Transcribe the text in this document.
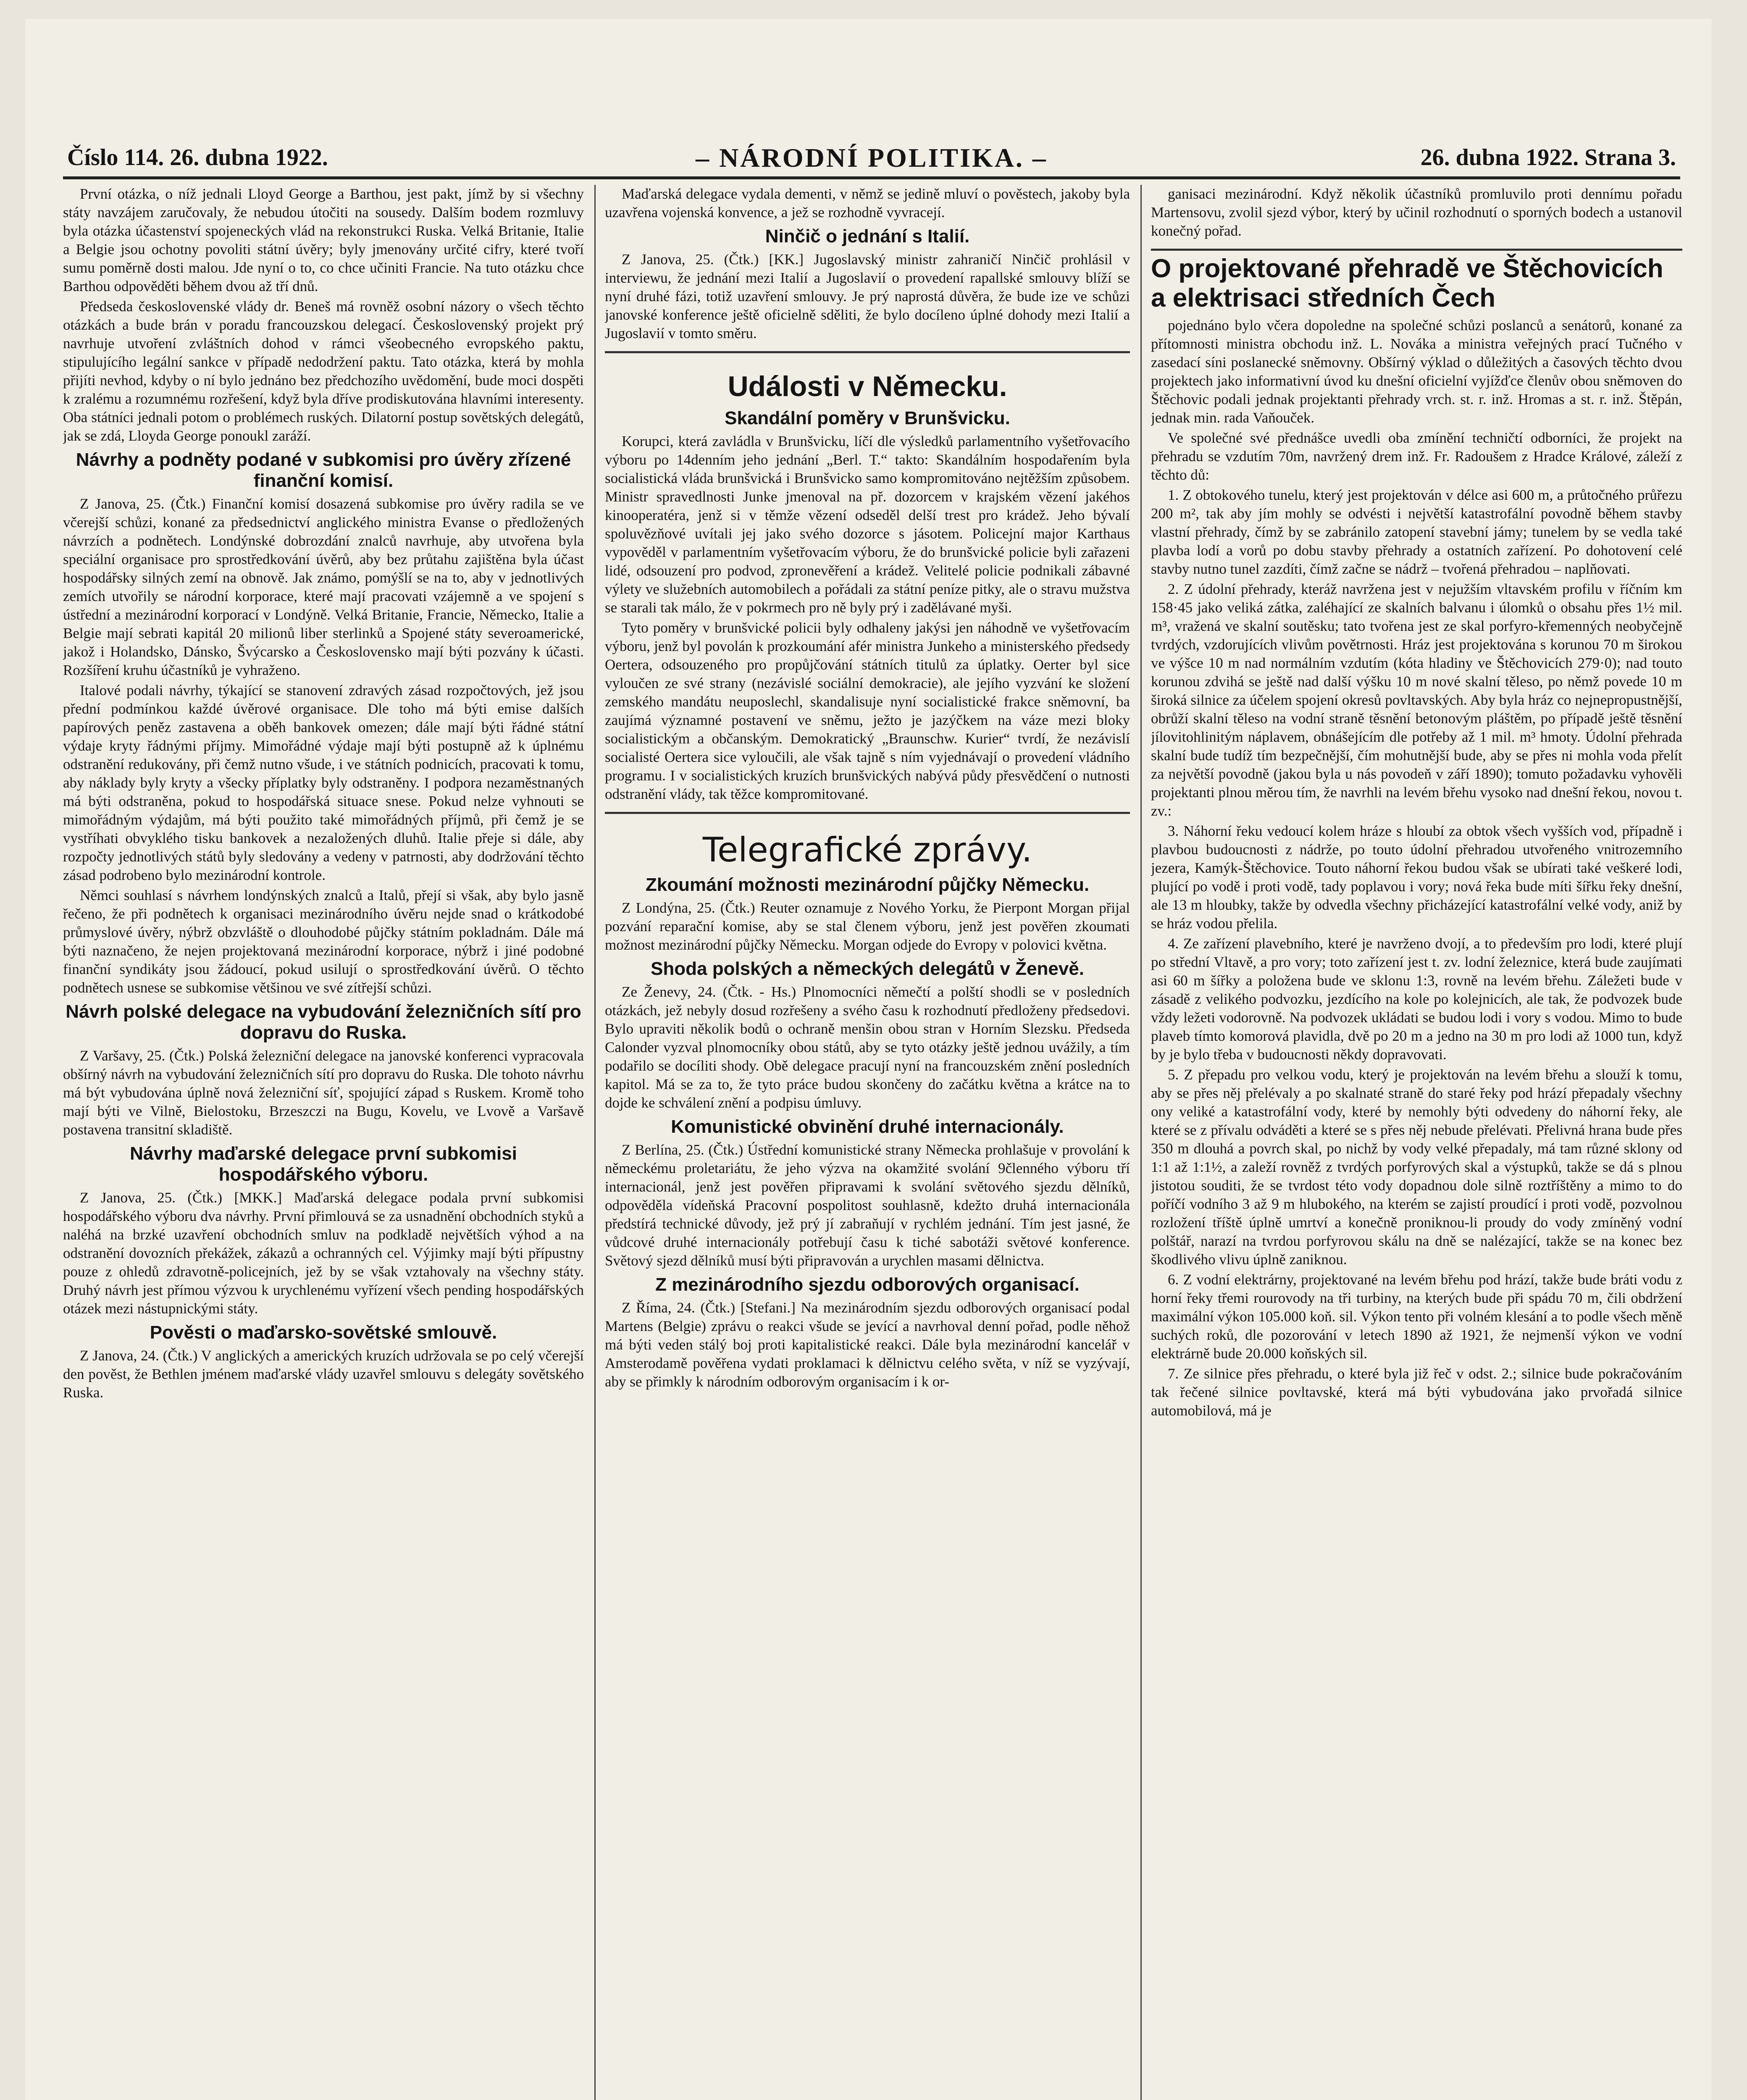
Číslo 114. 26. dubna 1922.	– NÁRODNÍ POLITIKA. –	26. dubna 1922. Strana 3.

První otázka, o níž jednali Lloyd George a Barthou, jest pakt, jímž by si všechny státy navzájem zaručovaly, že nebudou útočiti na sousedy. Dalším bodem rozmluvy byla otázka účastenství spojeneckých vlád na rekonstrukci Ruska. Velká Britanie, Italie a Belgie jsou ochotny povoliti státní úvěry; byly jmenovány určité cifry, které tvoří sumu poměrně dosti malou. Jde nyní o to, co chce učiniti Francie. Na tuto otázku chce Barthou odpověděti během dvou až tří dnů.

Předseda československé vlády dr. Beneš má rovněž osobní názory o všech těchto otázkách a bude brán v poradu francouzskou delegací. Československý projekt prý navrhuje utvoření zvláštních dohod v rámci všeobecného evropského paktu, stipulujícího legální sankce v případě nedodržení paktu. Tato otázka, která by mohla přijíti nevhod, kdyby o ní bylo jednáno bez předchozího uvědomění, bude moci dospěti k zralému a rozumnému rozřešení, když byla dříve prodiskutována hlavními interesenty. Oba státníci jednali potom o problémech ruských. Dilatorní postup sovětských delegátů, jak se zdá, Lloyda George ponoukl zaráží.

Návrhy a podněty podané v subkomisi pro úvěry zřízené finanční komisí.

Z Janova, 25. (Čtk.) Finanční komisí dosazená subkomise pro úvěry radila se ve včerejší schůzi, konané za předsednictví anglického ministra Evanse o předložených návrzích a podnětech. Londýnské dobrozdání znalců navrhuje, aby utvořena byla speciální organisace pro sprostředkování úvěrů, aby bez průtahu zajištěna byla účast hospodářsky silných zemí na obnově. Jak známo, pomýšlí se na to, aby v jednotlivých zemích utvořily se národní korporace, které mají pracovati vzájemně a ve spojení s ústřední a mezinárodní korporací v Londýně. Velká Britanie, Francie, Německo, Italie a Belgie mají sebrati kapitál 20 milionů liber sterlinků a Spojené státy severoamerické, jakož i Holandsko, Dánsko, Švýcarsko a Československo mají býti pozvány k účasti. Rozšíření kruhu účastníků je vyhraženo.

Italové podali návrhy, týkající se stanovení zdravých zásad rozpočtových, jež jsou přední podmínkou každé úvěrové organisace. Dle toho má býti emise dalších papírových peněz zastavena a oběh bankovek omezen; dále mají býti řádné státní výdaje kryty řádnými příjmy. Mimořádné výdaje mají býti postupně až k úplnému odstranění redukovány, při čemž nutno všude, i ve státních podnicích, pracovati k tomu, aby náklady byly kryty a všecky příplatky byly odstraněny. I podpora nezaměstnaných má býti odstraněna, pokud to hospodářská situace snese. Pokud nelze vyhnouti se mimořádným výdajům, má býti použito také mimořádných příjmů, při čemž je se vystříhati obvyklého tisku bankovek a nezaložených dluhů. Italie přeje si dále, aby rozpočty jednotlivých států byly sledovány a vedeny v patrnosti, aby dodržování těchto zásad podrobeno bylo mezinárodní kontrole.

Němci souhlasí s návrhem londýnských znalců a Italů, přejí si však, aby bylo jasně řečeno, že při podnětech k organisaci mezinárodního úvěru nejde snad o krátkodobé průmyslové úvěry, nýbrž obzvláště o dlouhodobé půjčky státním pokladnám. Dále má býti naznačeno, že nejen projektovaná mezinárodní korporace, nýbrž i jiné podobné finanční syndikáty jsou žádoucí, pokud usilují o sprostředkování úvěrů. O těchto podnětech usnese se subkomise většinou ve své zítřejší schůzi.

Návrh polské delegace na vybudování železničních sítí pro dopravu do Ruska.

Z Varšavy, 25. (Čtk.) Polská železniční delegace na janovské konferenci vypracovala obšírný návrh na vybudování železničních sítí pro dopravu do Ruska. Dle tohoto návrhu má být vybudována úplně nová železniční síť, spojující západ s Ruskem. Kromě toho mají býti ve Vilně, Bielostoku, Brzeszczi na Bugu, Kovelu, ve Lvově a Varšavě postavena transitní skladiště.

Návrhy maďarské delegace první subkomisi hospodářského výboru.

Z Janova, 25. (Čtk.) [MKK.] Maďarská delegace podala první subkomisi hospodářského výboru dva návrhy. První přimlouvá se za usnadnění obchodních styků a naléhá na brzké uzavření obchodních smluv na podkladě největších výhod a na odstranění dovozních překážek, zákazů a ochranných cel. Výjimky mají býti přípustny pouze z ohledů zdravotně-policejních, jež by se však vztahovaly na všechny státy. Druhý návrh jest přímou výzvou k urychlenému vyřízení všech pending hospodářských otázek mezi nástupnickými státy.

Pověsti o maďarsko-sovětské smlouvě.

Z Janova, 24. (Čtk.) V anglických a amerických kruzích udržovala se po celý včerejší den pověst, že Bethlen jménem maďarské vlády uzavřel smlouvu s delegáty sovětského Ruska.

Maďarská delegace vydala dementi, v němž se jedině mluví o pověstech, jakoby byla uzavřena vojenská konvence, a jež se rozhodně vyvracejí.

Ninčič o jednání s Italií.

Z Janova, 25. (Čtk.) [KK.] Jugoslavský ministr zahraničí Ninčič prohlásil v interviewu, že jednání mezi Italií a Jugoslavií o provedení rapallské smlouvy blíží se nyní druhé fázi, totiž uzavření smlouvy. Je prý naprostá důvěra, že bude ize ve schůzi janovské konference ještě oficielně sděliti, že bylo docíleno úplné dohody mezi Italií a Jugoslavií v tomto směru.

Události v Německu.
Skandální poměry v Brunšvicku.

Korupci, která zavládla v Brunšvicku, líčí dle výsledků parlamentního vyšetřovacího výboru po 14denním jeho jednání „Berl. T.“ takto: Skandálním hospodařením byla socialistická vláda brunšvická i Brunšvicko samo kompromitováno nejtěžším způsobem. Ministr spravedlnosti Junke jmenoval na př. dozorcem v krajském vězení jakéhos kinooperatéra, jenž si v těmže vězení odseděl delší trest pro krádež. Jeho bývalí spoluvězňové uvítali jej jako svého dozorce s jásotem. Policejní major Karthaus vypověděl v parlamentním vyšetřovacím výboru, že do brunšvické policie byli zařazeni lidé, odsouzení pro podvod, zpronevěření a krádež. Velitelé policie podnikali zábavné výlety ve služebních automobilech a pořádali za státní peníze pitky, ale o stravu mužstva se starali tak málo, že v pokrmech pro ně byly prý i zadělávané myši.

Tyto poměry v brunšvické policii byly odhaleny jakýsi jen náhodně ve vyšetřovacím výboru, jenž byl povolán k prozkoumání afér ministra Junkeho a ministerského předsedy Oertera, odsouzeného pro propůjčování státních titulů za úplatky. Oerter byl sice vyloučen ze své strany (nezávislé sociální demokracie), ale jejího vyzvání ke složení zemského mandátu neuposlechl, skandalisuje nyní socialistické frakce sněmovní, ba zaujímá významné postavení ve sněmu, ježto je jazýčkem na váze mezi bloky socialistickým a občanským. Demokratický „Braunschw. Kurier“ tvrdí, že nezávislí socialisté Oertera sice vyloučili, ale však tajně s ním vyjednávají o provedení vládního programu. I v socialistických kruzích brunšvických nabývá půdy přesvědčení o nutnosti odstranění vlády, tak těžce kompromitované.

Telegrafické zprávy.
Zkoumání možnosti mezinárodní půjčky Německu.

Z Londýna, 25. (Čtk.) Reuter oznamuje z Nového Yorku, že Pierpont Morgan přijal pozvání reparační komise, aby se stal členem výboru, jenž jest pověřen zkoumati možnost mezinárodní půjčky Německu. Morgan odjede do Evropy v polovici května.

Shoda polských a německých delegátů v Ženevě.

Ze Ženevy, 24. (Čtk. - Hs.) Plnomocníci němečtí a polští shodli se v posledních otázkách, jež nebyly dosud rozřešeny a svého času k rozhodnutí předloženy předsedovi. Bylo upraviti několik bodů o ochraně menšin obou stran v Horním Slezsku. Předseda Calonder vyzval plnomocníky obou států, aby se tyto otázky ještě jednou uvážily, a tím podařilo se docíliti shody. Obě delegace pracují nyní na francouzském znění posledních kapitol. Má se za to, že tyto práce budou skončeny do začátku května a krátce na to dojde ke schválení znění a podpisu úmluvy.

Komunistické obvinění druhé internacionály.

Z Berlína, 25. (Čtk.) Ústřední komunistické strany Německa prohlašuje v provolání k německému proletariátu, že jeho výzva na okamžité svolání 9členného výboru tří internacionál, jenž jest pověřen připravami k svolání světového sjezdu dělníků, odpověděla vídeňská Pracovní pospolitost souhlasně, kdežto druhá internacionála předstírá technické důvody, jež prý jí zabraňují v rychlém jednání. Tím jest jasné, že vůdcové druhé internacionály potřebují času k tiché sabotáži světové konference. Světový sjezd dělníků musí býti připravován a urychlen masami dělnictva.

Z mezinárodního sjezdu odborových organisací.

Z Říma, 24. (Čtk.) [Stefani.] Na mezinárodním sjezdu odborových organisací podal Martens (Belgie) zprávu o reakci všude se jevící a navrhoval denní pořad, podle něhož má býti veden stálý boj proti kapitalistické reakci. Dále byla mezinárodní kancelář v Amsterodamě pověřena vydati proklamaci k dělnictvu celého světa, v níž se vyzývají, aby se přimkly k národním odborovým organisacím i k or-

ganisaci mezinárodní. Když několik účastníků promluvilo proti dennímu pořadu Martensovu, zvolil sjezd výbor, který by učinil rozhodnutí o sporných bodech a ustanovil konečný pořad.

O projektované přehradě ve Štěchovicích a elektrisaci středních Čech

pojednáno bylo včera dopoledne na společné schůzi poslanců a senátorů, konané za přítomnosti ministra obchodu inž. L. Nováka a ministra veřejných prací Tučného v zasedací síni poslanecké sněmovny. Obšírný výklad o důležitých a časových těchto dvou projektech jako informativní úvod ku dnešní oficielní vyjížďce členův obou sněmoven do Štěchovic podali jednak projektanti přehrady vrch. st. r. inž. Hromas a st. r. inž. Štěpán, jednak min. rada Vaňouček.

Ve společné své přednášce uvedli oba zmínění techničtí odborníci, že projekt na přehradu se vzdutím 70m, navržený drem inž. Fr. Radoušem z Hradce Králové, záleží z těchto dů:

1. Z obtokového tunelu, který jest projektován v délce asi 600 m, a průtočného průřezu 200 m², tak aby jím mohly se odvésti i největší katastrofální povodně během stavby vlastní přehrady, čímž by se zabránilo zatopení stavební jámy; tunelem by se vedla také plavba lodí a vorů po dobu stavby přehrady a ostatních zařízení. Po dohotovení celé stavby nutno tunel zazdíti, čímž začne se nádrž – tvořená přehradou – naplňovati.

2. Z údolní přehrady, kteráž navržena jest v nejužším vltavském profilu v říčním km 158·45 jako veliká zátka, zaléhající ze skalních balvanu i úlomků o obsahu přes 1½ mil. m³, vražená ve skalní soutěsku; tato tvořena jest ze skal porfyro-křemenných neobyčejně tvrdých, vzdorujících vlivům povětrnosti. Hráz jest projektována s korunou 70 m širokou ve výšce 10 m nad normálním vzdutím (kóta hladiny ve Štěchovicích 279·0); nad touto korunou zdvihá se ještě nad další výšku 10 m nové skalní těleso, po němž povede 10 m široká silnice za účelem spojení okresů povltavských. Aby byla hráz co nejnepropustnější, obrůží skalní těleso na vodní straně těsnění betonovým pláštěm, po případě ještě těsnění jílovitohlinitým náplavem, obnášejícím dle potřeby až 1 mil. m³ hmoty. Údolní přehrada skalní bude tudíž tím bezpečnější, čím mohutnější bude, aby se přes ni mohla voda přelít za největší povodně (jakou byla u nás povodeň v září 1890); tomuto požadavku vyhověli projektanti plnou měrou tím, že navrhli na levém břehu vysoko nad dnešní řekou, novou t. zv.:

3. Náhorní řeku vedoucí kolem hráze s hloubí za obtok všech vyšších vod, případně i plavbou budoucnosti z nádrže, po touto údolní přehradou utvořeného vnitrozemního jezera, Kamýk-Štěchovice. Touto náhorní řekou budou však se ubírati také veškeré lodi, plující po vodě i proti vodě, tady poplavou i vory; nová řeka bude míti šířku řeky dnešní, ale 13 m hloubky, takže by odvedla všechny přicházející katastrofální velké vody, aniž by se hráz vodou přelila.

4. Ze zařízení plavebního, které je navrženo dvojí, a to především pro lodi, které plují po střední Vltavě, a pro vory; toto zařízení jest t. zv. lodní železnice, která bude zaujímati asi 60 m šířky a položena bude ve sklonu 1:3, rovně na levém břehu. Záležeti bude v zásadě z velikého podvozku, jezdícího na kole po kolejnicích, ale tak, že podvozek bude vždy ležeti vodorovně. Na podvozek ukládati se budou lodi i vory s vodou. Mimo to bude plaveb tímto komorová plavidla, dvě po 20 m a jedno na 30 m pro lodi až 1000 tun, když by je bylo třeba v budoucnosti někdy dopravovati.

5. Z přepadu pro velkou vodu, který je projektován na levém břehu a slouží k tomu, aby se přes něj přelévaly a po skalnaté straně do staré řeky pod hrází přepadaly všechny ony veliké a katastrofální vody, které by nemohly býti odvedeny do náhorní řeky, ale které se z přívalu odváděti a které se s přes něj nebude přelévati. Přelivná hrana bude přes 350 m dlouhá a povrch skal, po nichž by vody velké přepadaly, má tam různé sklony od 1:1 až 1:1½, a zaleží rovněž z tvrdých porfyrových skal a výstupků, takže se dá s plnou jistotou souditi, že se tvrdost této vody dopadnou dole silně roztříštěny a mimo to do poříčí vodního 3 až 9 m hlubokého, na kterém se zajistí proudící i proti vodě, pozvolnou rozložení tříště úplně umrtví a konečně proniknou-li proudy do vody zmíněný vodní polštář, narazí na tvrdou porfyrovou skálu na dně se nalézající, takže se na konec bez škodlivého vlivu úplně zaniknou.

6. Z vodní elektrárny, projektované na levém břehu pod hrází, takže bude bráti vodu z horní řeky třemi rourovody na tři turbiny, na kterých bude při spádu 70 m, čili obdržení maximální výkon 105.000 koň. sil. Výkon tento při volném klesání a to podle všech měně suchých roků, dle pozorování v letech 1890 až 1921, že nejmenší výkon ve vodní elektrárně bude 20.000 koňských sil.

7. Ze silnice přes přehradu, o které byla již řeč v odst. 2.; silnice bude pokračováním tak řečené silnice povltavské, která má býti vybudována jako prvořadá silnice automobilová, má je
